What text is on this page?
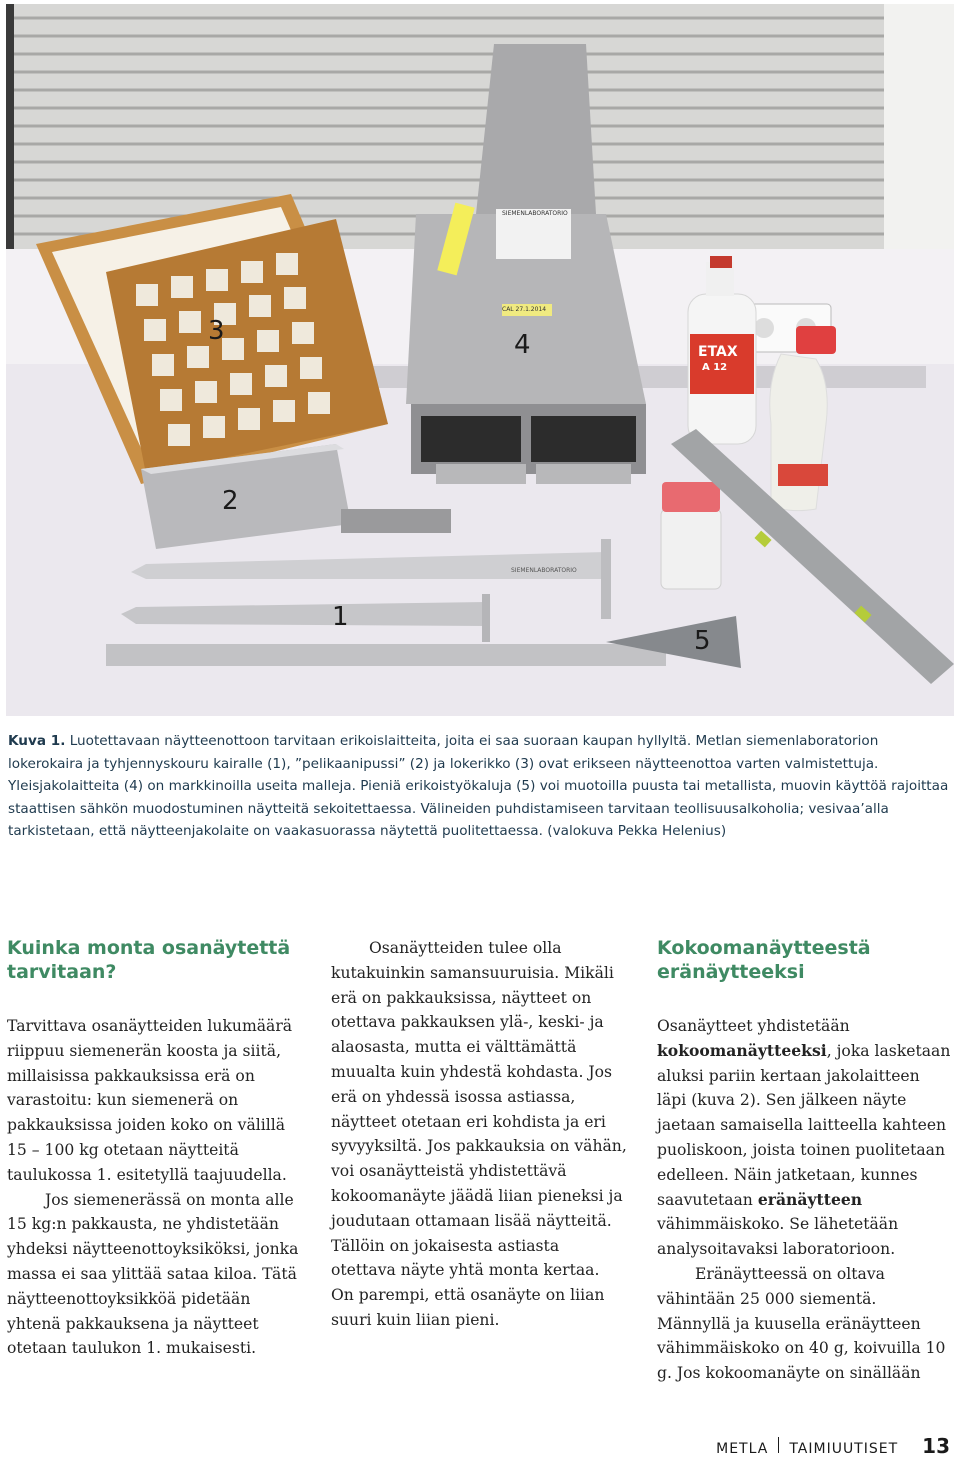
3	4
2
1
5
SIEMENLABORATORIO
CAL 27.1.2014
ETAX
A 12
SIEMENLABORATORIO
Kuva 1. Luotettavaan näytteenottoon tarvitaan erikoislaitteita, joita ei saa suoraan kaupan hyllyltä. Metlan siemenlaboratorion lokerokaira ja tyhjennyskouru kairalle (1), ”pelikaanipussi” (2) ja lokerikko (3) ovat erikseen näytteenottoa varten valmistettuja. Yleisjakolaitteita (4) on markkinoilla useita malleja. Pieniä erikoistyökaluja (5) voi muotoilla puusta tai metallista, muovin käyttöä rajoittaa staattisen sähkön muodostuminen näytteitä sekoitettaessa. Välineiden puhdistamiseen tarvitaan teollisuusalkoholia; vesivaa’alla tarkistetaan, että näytteenjakolaite on vaakasuorassa näytettä puolitettaessa. (valokuva Pekka Helenius)
Kuinka monta osanäytettä tarvitaan?

Tarvittava osanäytteiden lukumäärä riippuu siemenerän koosta ja siitä, millaisissa pakkauksissa erä on varastoitu: kun siemenerä on pakkauksissa joiden koko on välillä 15 – 100 kg otetaan näytteitä taulukossa 1. esitetyllä taajuudella.

Jos siemenerässä on monta alle 15 kg:n pakkausta, ne yhdistetään yhdeksi näytteenottoyksiköksi, jonka massa ei saa ylittää sataa kiloa. Tätä näytteenottoyksikköä pidetään yhtenä pakkauksena ja näytteet otetaan taulukon 1. mukaisesti.

Osanäytteiden tulee olla kutakuinkin samansuuruisia. Mikäli erä on pakkauksissa, näytteet on otettava pakkauksen ylä-, keski- ja alaosasta, mutta ei välttämättä muualta kuin yhdestä kohdasta. Jos erä on yhdessä isossa astiassa, näytteet otetaan eri kohdista ja eri syvyyksiltä. Jos pakkauksia on vähän, voi osanäytteistä yhdistettävä kokoomanäyte jäädä liian pieneksi ja joudutaan ottamaan lisää näytteitä. Tällöin on jokaisesta astiasta otettava näyte yhtä monta kertaa. On parempi, että osanäyte on liian suuri kuin liian pieni.

Kokoomanäytteestä eränäytteeksi

Osanäytteet yhdistetään kokoomanäytteeksi, joka lasketaan aluksi pariin kertaan jakolaitteen läpi (kuva 2). Sen jälkeen näyte jaetaan samaisella laitteella kahteen puoliskoon, joista toinen puolitetaan edelleen. Näin jatketaan, kunnes saavutetaan eränäytteen vähimmäiskoko. Se lähetetään analysoitavaksi laboratorioon.

Eränäytteessä on oltava vähintään 25 000 siementä. Männyllä ja kuusella eränäytteen vähimmäiskoko on 40 g, koivuilla 10 g. Jos kokoomanäyte on sinällään

METLA TAIMIUUTISET 13
